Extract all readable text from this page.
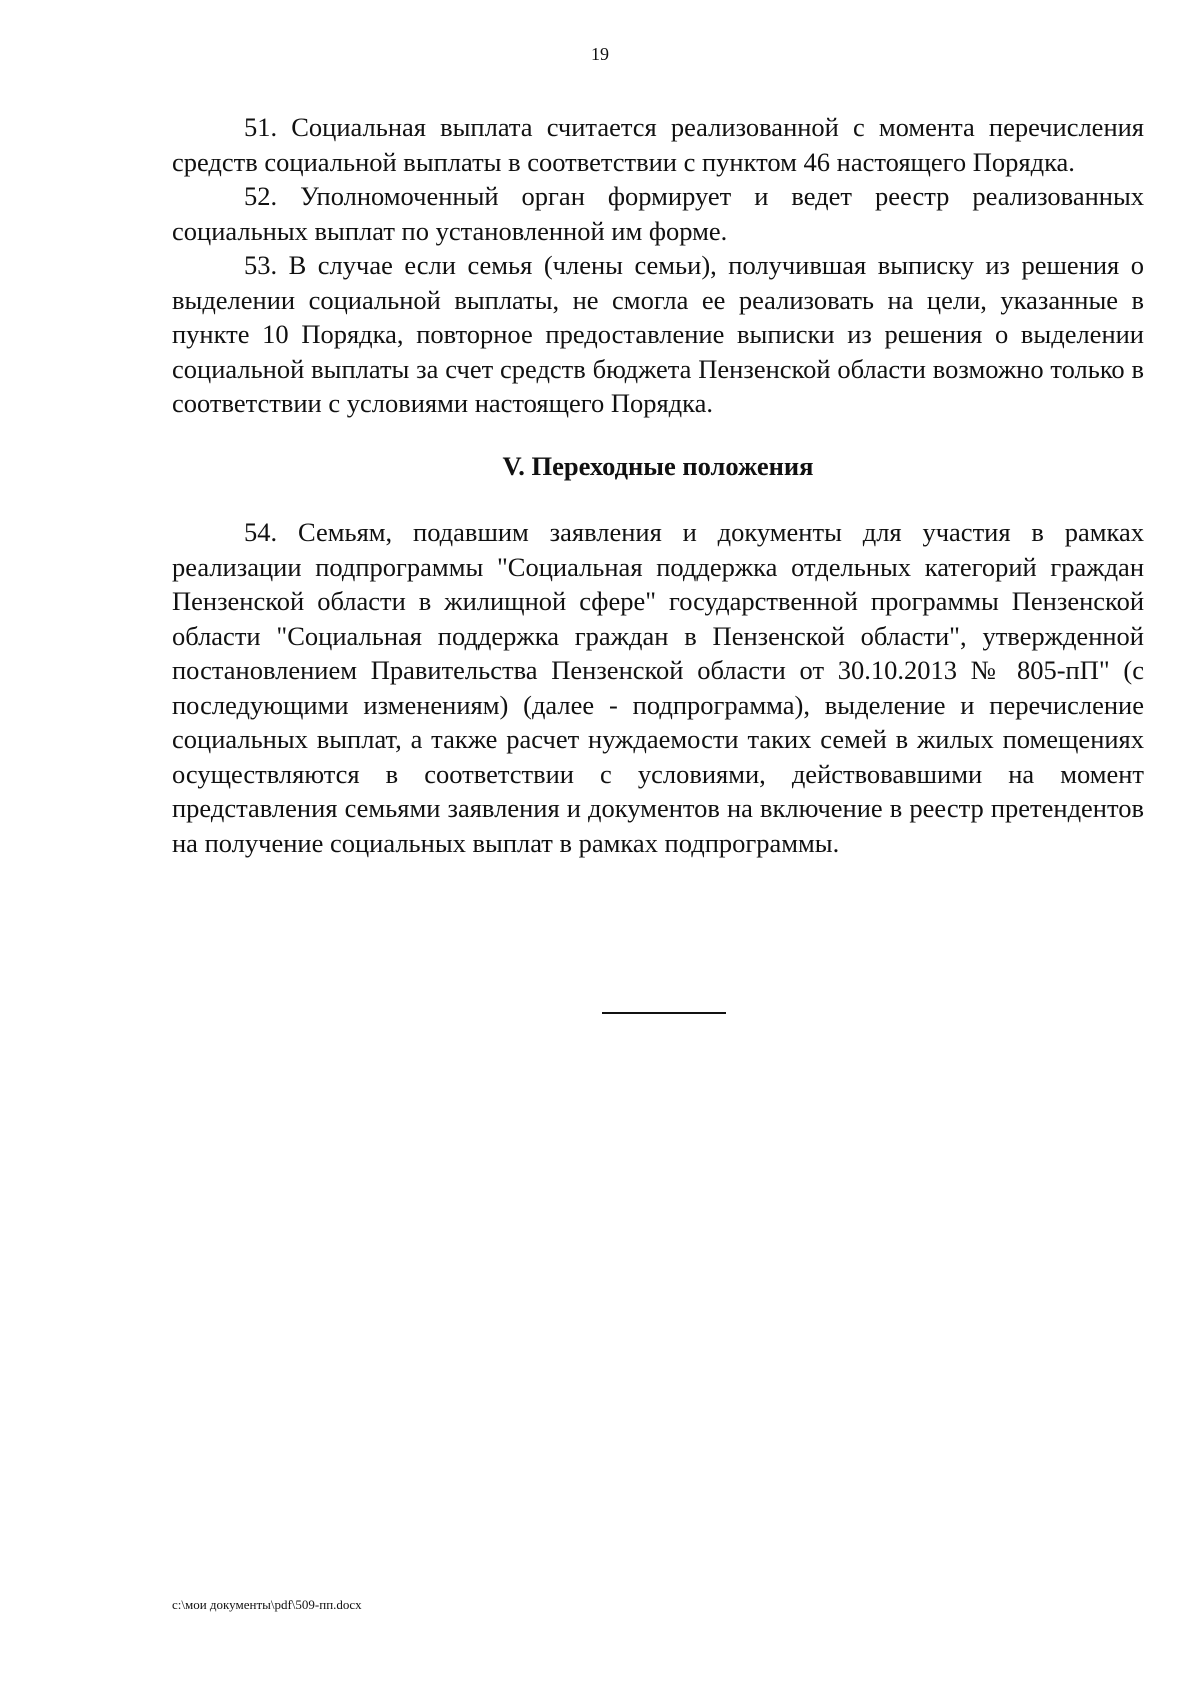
19

51. Социальная выплата считается реализованной с момента перечисления средств социальной выплаты в соответствии с пунктом 46 настоящего Порядка.

52. Уполномоченный орган формирует и ведет реестр реализованных социальных выплат по установленной им форме.

53. В случае если семья (члены семьи), получившая выписку из решения о выделении социальной выплаты, не смогла ее реализовать на цели, указанные в пункте 10 Порядка, повторное предоставление выписки из решения о выделении социальной выплаты за счет средств бюджета Пензенской области возможно только в соответствии с условиями настоящего Порядка.

V. Переходные положения

54. Семьям, подавшим заявления и документы для участия в рамках реализации подпрограммы "Социальная поддержка отдельных категорий граждан Пензенской области в жилищной сфере" государственной программы Пензенской области "Социальная поддержка граждан в Пензенской области", утвержденной постановлением Правительства Пензенской области от 30.10.2013 № 805-пП" (с последующими изменениям) (далее - подпрограмма), выделение и перечисление социальных выплат, а также расчет нуждаемости таких семей в жилых помещениях осуществляются в соответствии с условиями, действовавшими на момент представления семьями заявления и документов на включение в реестр претендентов на получение социальных выплат в рамках подпрограммы.

c:\мои документы\pdf\509-пп.docx
